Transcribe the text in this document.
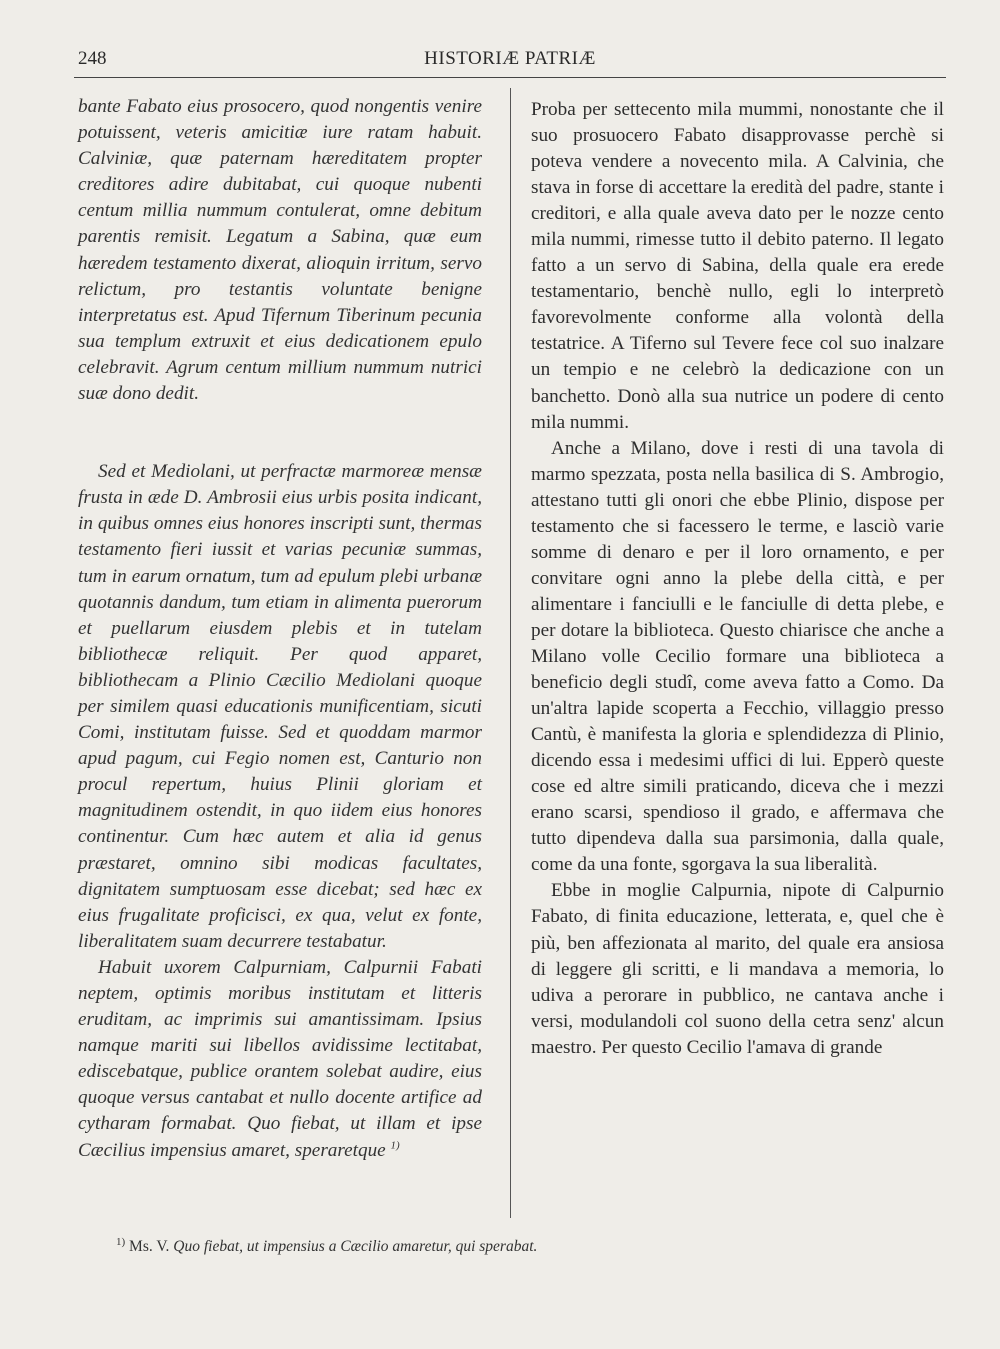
248	HISTORIÆ PATRIÆ

bante Fabato eius prosocero, quod nongentis venire potuissent, veteris amicitiæ iure ratam habuit. Calviniæ, quæ paternam hæreditatem propter creditores adire dubitabat, cui quoque nubenti centum millia nummum contulerat, omne debitum parentis remisit. Legatum a Sabina, quæ eum hæredem testamento dixerat, alioquin irritum, servo relictum, pro testantis voluntate benigne interpretatus est. Apud Tifernum Tiberinum pecunia sua templum extruxit et eius dedicationem epulo celebravit. Agrum centum millium nummum nutrici suæ dono dedit.

Sed et Mediolani, ut perfractæ marmoreæ mensæ frusta in æde D. Ambrosii eius urbis posita indicant, in quibus omnes eius honores inscripti sunt, thermas testamento fieri iussit et varias pecuniæ summas, tum in earum ornatum, tum ad epulum plebi urbanæ quotannis dandum, tum etiam in alimenta puerorum et puellarum eiusdem plebis et in tutelam bibliothecæ reliquit. Per quod apparet, bibliothecam a Plinio Cæcilio Mediolani quoque per similem quasi educationis munificentiam, sicuti Comi, institutam fuisse. Sed et quoddam marmor apud pagum, cui Fegio nomen est, Canturio non procul repertum, huius Plinii gloriam et magnitudinem ostendit, in quo iidem eius honores continentur. Cum hæc autem et alia id genus præstaret, omnino sibi modicas facultates, dignitatem sumptuosam esse dicebat; sed hæc ex eius frugalitate proficisci, ex qua, velut ex fonte, liberalitatem suam decurrere testabatur.

Habuit uxorem Calpurniam, Calpurnii Fabati neptem, optimis moribus institutam et litteris eruditam, ac imprimis sui amantissimam. Ipsius namque mariti sui libellos avidissime lectitabat, ediscebatque, publice orantem solebat audire, eius quoque versus cantabat et nullo docente artifice ad cytharam formabat. Quo fiebat, ut illam et ipse Cæcilius impensius amaret, speraretque $^{1)}$

Proba per settecento mila mummi, nonostante che il suo prosuocero Fabato disapprovasse perchè si poteva vendere a novecento mila. A Calvinia, che stava in forse di accettare la eredità del padre, stante i creditori, e alla quale aveva dato per le nozze cento mila nummi, rimesse tutto il debito paterno. Il legato fatto a un servo di Sabina, della quale era erede testamentario, benchè nullo, egli lo interpretò favorevolmente conforme alla volontà della testatrice. A Tiferno sul Tevere fece col suo inalzare un tempio e ne celebrò la dedicazione con un banchetto. Donò alla sua nutrice un podere di cento mila nummi.

Anche a Milano, dove i resti di una tavola di marmo spezzata, posta nella basilica di S. Ambrogio, attestano tutti gli onori che ebbe Plinio, dispose per testamento che si facessero le terme, e lasciò varie somme di denaro e per il loro ornamento, e per convitare ogni anno la plebe della città, e per alimentare i fanciulli e le fanciulle di detta plebe, e per dotare la biblioteca. Questo chiarisce che anche a Milano volle Cecilio formare una biblioteca a beneficio degli studî, come aveva fatto a Como. Da un'altra lapide scoperta a Fecchio, villaggio presso Cantù, è manifesta la gloria e splendidezza di Plinio, dicendo essa i medesimi uffici di lui. Epperò queste cose ed altre simili praticando, diceva che i mezzi erano scarsi, spendioso il grado, e affermava che tutto dipendeva dalla sua parsimonia, dalla quale, come da una fonte, sgorgava la sua liberalità.

Ebbe in moglie Calpurnia, nipote di Calpurnio Fabato, di finita educazione, letterata, e, quel che è più, ben affezionata al marito, del quale era ansiosa di leggere gli scritti, e li mandava a memoria, lo udiva a perorare in pubblico, ne cantava anche i versi, modulandoli col suono della cetra senz' alcun maestro. Per questo Cecilio l'amava di grande

$^{1)}$ Ms. V. Quo fiebat, ut impensius a Cæcilio amaretur, qui sperabat.
